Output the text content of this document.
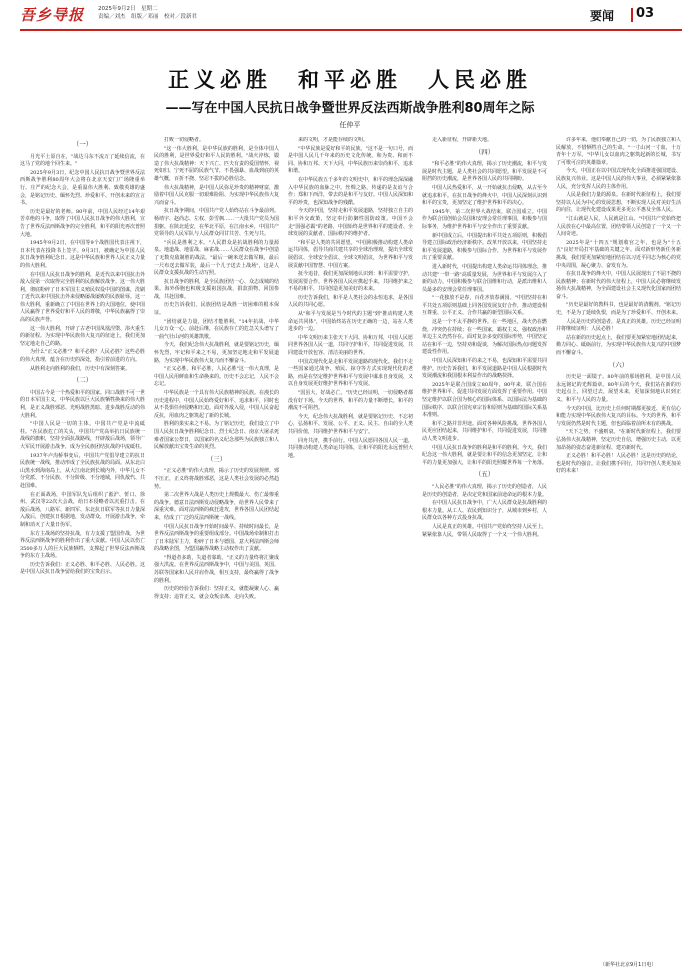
吾乡导报	2025年9月2日　星期二
责编／刘杰　组版／邓丽　校对／段新君	要闻 03
正义必胜　和平必胜　人民必胜
——写在中国人民抗日战争暨世界反法西斯战争胜利80周年之际
任仲平
（一）

月光平土原自在，"战达马东不流万了延续信流，在这马了党的地个回生来。"

2025年9月3日，纪念中国人民抗日战争暨世界反法西斯战争胜利80周年大会将在北京天安门广场隆重举行。庄严的纪念大会，是重温伟大胜利、致敬英雄的盛会，是铭记历史、缅怀先烈、珍爱和平、开创未来的宣言书。

历史是最好的老师。80年前，中国人民经过14年艰苦卓绝的斗争，取得了中国人民抗日战争的伟大胜利，宣告了世界反法西斯战争的完全胜利，和平的阳光再次普照大地。

1945年9月2日，在中国等9个战胜国代表注视下，日本代表在投降书上签字。9月3日，被确定为中国人民抗日战争胜利纪念日。这是中华民族和世界人民正义力量的伟大胜利。

在中国人民抗日战争的胜利，是近代以来中国抗击外敌入侵第一次取得完全胜利的民族解放战争。这一伟大胜利，彻底粉碎了日本军国主义殖民奴役中国的图谋，洗刷了近代以来中国抗击外来侵略屡战屡败的民族耻辱。这一伟大胜利，重新确立了中国在世界上的大国地位，使中国人民赢得了世界爱好和平人民的尊敬，中华民族赢得了崇高的民族声誉。

这一伟大胜利，开辟了古老中国凤凰涅槃、浴火重生的新征程。为实现中华民族伟大复兴的征途上，我们更加坚定地走自己的路。

为什么"正义必胜"？和平必胜？人民必胜？这些必胜的伟大真理，蕴含在历史的深处，指引着前进的方向。

从胜利走向胜利的我们，历史中有深刻答案。

（二）

中国古今是一个热爱和平的国家。同口战胜不可一世的日本军国主义，中华民族以巨大民族牺牲换来的伟大胜利，是正义战胜邪恶、光明战胜黑暗、进步战胜反动的伟大胜利。

"中国人民是一切的主体，中国共产党是中流砥柱。"在民族危亡的关头，中国共产党高举抗日民族统一战线的旗帜，坚持全面抗战路线，开辟敌后战场，领导广大军民开展游击战争，成为全民族团结抗战的中流砥柱。

1937年卢沟桥事变后，中国共产党倡导建立的抗日民族统一战线，推动形成了全民族抗战的局面。从东北白山黑水到海南岛上，从大江南北到长城内外，中华儿女不分党派、不分民族、不分阶级、不分地域，同仇敌忾、共赴国难。

在正面战场，中国军队先后组织了淞沪、忻口、徐州、武汉等22次大会战，给日本侵略者以沉重打击。在敌后战场，八路军、新四军、东北抗日联军等抗日力量深入敌后，创建抗日根据地，发动群众，开展游击战争，牵制和消灭了大量日伪军。

东方主战场的坚持抗战，有力支援了盟国作战，为世界反法西斯战争的胜利作出了重大贡献。中国人民以伤亡3500多万人的巨大民族牺牲，支撑起了世界反法西斯战争的东方主战场。

历史告诉我们：正义必胜、和平必胜、人民必胜。这是中国人民抗日战争留给我们的宝贵启示。

打败一切侵略者。

"这一伟大胜利，是中华民族的胜利，是全体中国人民的胜利，是世界爱好和平人民的胜利。"战火淬炼，锻造了伟大抗战精神：天下兴亡、匹夫有责的爱国情怀，视死如归、宁死不屈的民族气节，不畏强暴、血战到底的英雄气概，百折不挠、坚忍不拔的必胜信念。

伟大抗战精神，是中国人民弥足珍贵的精神财富，激励着中国人民克服一切艰难险阻、为实现中华民族伟大复兴而奋斗。

抗日战争期间，中国共产党人始终站在斗争最前列。杨靖宇、赵尚志、左权、彭雪枫……一大批共产党员为国捐躯。在陕北延安，在华北平原，在江南水乡，中国共产党领导的人民军队与人民群众同甘共苦、生死与共。

"兵民是胜利之本。"人民群众是抗战胜利的力量源泉。地道战、地雷战、麻雀战……人民群众在战争中创造了无数克敌制胜的战法。"最后一碗米送去做军粮，最后一尺布送去做军装，最后一个儿子送去上战场"，这是人民群众支援抗战的生动写照。

抗日战争的胜利，是全民族团结一心、众志成城的结果。海外侨胞也积极支援祖国抗战，捐款捐物，回国参战，共赴国难。

历史告诉我们，民族团结是战胜一切困难的根本保证。

"团结就是力量，团结才能胜利。"14年抗战，中华儿女万众一心、前赴后继，在民族存亡的危急关头谱写了一曲气壮山河的英雄凯歌。

今天，我们纪念伟大抗战胜利，就是要铭记历史，缅怀先烈，牢记和平来之不易，更加坚定地走和平发展道路，为实现中华民族伟大复兴而不懈奋斗。

"正义必胜，和平必胜，人民必胜"这一伟大真理，是中国人民用鲜血和生命换来的。历史不会忘记，人民不会忘记。

中华民族是一个具有伟大民族精神的民族。在漫长的历史进程中，中国人民始终爱好和平、追求和平，同时也从不畏惧任何侵略和压迫。面对外敌入侵，中国人民奋起反抗，用血肉之躯筑起了新的长城。

胜利的果实来之不易。为了铭记历史，我们设立了中国人民抗日战争胜利纪念日、烈士纪念日、南京大屠杀死难者国家公祭日，以国家的名义纪念那些为民族独立和人民解放献出宝贵生命的英烈。

（三）

"正义必胜"的伟大真理，揭示了历史的发展规律。邪不压正，正义终将战胜邪恶，这是人类社会发展的必然趋势。

第二次世界大战是人类历史上规模最大、伤亡最惨重的战争。德意日法西斯发动侵略战争，给世界人民带来了深重灾难。面对法西斯的疯狂进攻，世界各国人民团结起来，结成了广泛的反法西斯统一战线。

中国人民抗日战争开始时间最早、持续时间最长，是世界反法西斯战争的重要组成部分。中国战场牵制和打击了日本陆军主力，粉碎了日本与德国、意大利法西斯会师的战略企图，为盟国赢得战略主动权作出了贡献。

"得道者多助，失道者寡助。"正义的力量终将汇聚成强大洪流。在世界反法西斯战争中，中国与美国、英国、苏联等国家和人民并肩作战，相互支持，最终赢得了战争的胜利。

历史的经验告诉我们：坚持正义，就能凝聚人心、赢得支持；违背正义，就会众叛亲离、走向失败。

来的文明，才是能存续的文明。

"中华民族是爱好和平的民族。"这不是一句口号，而是中国人民几千年来的历史文化传统。和为贵、和而不同、协和万邦、天下大同，中华民族历来崇尚和平，追求和谐。

在中华民族五千多年的文明史中，和平的理念深深融入中华民族的血脉之中。丝绸之路，传递的是友谊与合作；郑和下西洋，带去的是和平与友好。中国人民深知和平的珍贵，也深知战争的残酷。

今天的中国，坚持走和平发展道路，坚持独立自主的和平外交政策，坚定奉行防御性国防政策。中国不会走"国强必霸"的老路，中国始终是世界和平的建设者、全球发展的贡献者、国际秩序的维护者。

"和平是人类的共同愿望。"中国积极推动构建人类命运共同体，倡导共商共建共享的全球治理观，提出全球发展倡议、全球安全倡议、全球文明倡议，为世界和平与发展贡献中国智慧、中国方案。

抚今追昔，我们更加深刻地认识到：和平需要守护，发展需要合作。世界各国人民应携起手来，共同维护来之不易的和平，共同创造更加美好的未来。

历史告诉我们，和平是人类社会的永恒追求，是各国人民的共同心愿。

从"和平与发展是当今时代的主题"到"推动构建人类命运共同体"，中国始终站在历史正确的一边，站在人类进步的一边。

中华文明历来主张天下大同、协和万邦，中国人民愿同世界各国人民一道，共同守护和平，共同促进发展，共同建设开放包容、清洁美丽的世界。

中国式现代化是走和平发展道路的现代化。我们不走一些国家通过战争、殖民、掠夺等方式实现现代化的老路，而是在坚定维护世界和平与发展中谋求自身发展，又以自身发展更好维护世界和平与发展。

"国虽大，好战必亡。"历史已经证明，一切侵略者都没有好下场。今天的世界，和平的力量不断增长，和平的潮流不可阻挡。

今天，纪念伟大抗战胜利，就是要铭记历史、不忘初心，弘扬和平、发展、公平、正义、民主、自由的全人类共同价值，共同维护世界和平与安宁。

同舟共济，携手前行。中国人民愿同各国人民一道，共同推动构建人类命运共同体，让和平的阳光永远普照大地。

走入新征程，开辟新天地。

（四）

"和平必胜"的伟大真理，揭示了历史潮流，和平与发展是时代主题，是人类社会的共同愿望。和平发展是不可阻挡的历史潮流，是世界各国人民的共同期盼。

中国人民热爱和平，从一开始就抗击侵略，从古至今就追求和平。在抗日战争的烽火中，中国人民深刻认识到和平的宝贵，更加坚定了维护世界和平的决心。

1945年，第二次世界大战结束，联合国成立。中国作为联合国创始会员国和安理会常任理事国，积极参与国际事务，为维护世界和平与安全作出了重要贡献。

新中国成立后，中国提出和平共处五项原则，积极倡导建立国际政治经济新秩序。改革开放以来，中国坚持走和平发展道路，积极参与国际合作，为世界和平与发展作出了重要贡献。

进入新时代，中国提出构建人类命运共同体理念，推动共建"一带一路"高质量发展，为世界和平与发展注入了新的动力。中国积极参与联合国维和行动，是派出维和人员最多的安理会常任理事国。

"一花独放不是春，百花齐放春满园。"中国坚持在和平共处五项原则基础上同各国发展友好合作，推动建设相互尊重、公平正义、合作共赢的新型国际关系。

这是一个不太平静的世界。在一些地区，战火仍在燃烧，冲突仍在持续；在一些国家，霸权主义、强权政治和单边主义仍然存在。面对复杂多变的国际形势，中国坚定站在和平一边，坚持劝和促谈，为解决国际热点问题发挥建设性作用。

中国人民深知和平的来之不易，也深知和平需要共同维护。历史告诉我们，和平发展道路是中国人民根据时代发展潮流和我国根本利益作出的战略抉择。

2025年是联合国成立80周年。80年来，联合国在维护世界和平、促进共同发展方面发挥了重要作用。中国坚定维护以联合国为核心的国际体系、以国际法为基础的国际秩序、以联合国宪章宗旨和原则为基础的国际关系基本准则。

和平之路并非坦途。面对各种风险挑战，世界各国人民更应团结起来，共同维护和平，共同促进发展，共同推动人类文明进步。

中国人民抗日战争的胜利是和平的胜利。今天，我们纪念这一伟大胜利，就是要让和平的信念更加坚定，让和平的力量更加强大，让和平的阳光照耀世界每一个角落。

（五）

"人民必胜"的伟大真理，揭示了历史的创造者，人民是历史的创造者，是决定党和国家前途命运的根本力量。

在中国人民抗日战争中，广大人民群众是抗战胜利的根本力量。从工人、农民到知识分子，从城市到乡村，人民群众以各种方式投身抗战。

人民是真正的英雄。中国共产党始终坚持人民至上，紧紧依靠人民，带领人民取得了一个又一个伟大胜利。

许多年来，他们奉献自己的一切，为了民族独立和人民解放，不惜牺牲自己的生命。"一寸山河一寸血，十万青年十万军。"中华儿女以血肉之躯筑起新的长城，书写了可歌可泣的英雄篇章。

今天，中国正在以中国式现代化全面推进强国建设、民族复兴伟业。这是中国人民的伟大事业，必须紧紧依靠人民，充分发挥人民的主体作用。

人民是我们力量的源泉。在新时代新征程上，我们要坚持以人民为中心的发展思想，不断实现人民对美好生活的向往，让现代化建设成果更多更公平惠及全体人民。

"江山就是人民，人民就是江山。"中国共产党始终把人民放在心中最高位置，团结带领人民创造了一个又一个人间奇迹。

2025年是"十四五"规划收官之年，也是为"十五五"良好开局打牢基础的关键之年。面对新形势新任务新挑战，我们要更加紧密地团结在以习近平同志为核心的党中央周围，凝心聚力、奋发有为。

在抗日战争的烽火中，中国人民展现出了不屈不挠的民族精神；在新时代的伟大征程上，中国人民必将继续发扬伟大抗战精神，为全面建设社会主义现代化国家而团结奋斗。

"历史是最好的教科书，也是最好的清醒剂。"铭记历史，不是为了延续仇恨，而是为了珍爱和平、开创未来。

人民是历史的创造者，是真正的英雄。历史已经证明并将继续证明：人民必胜！

站在新的历史起点上，我们要更加紧密地团结起来，勠力同心、砥砺前行，为实现中华民族伟大复兴的中国梦而不懈奋斗。

（六）

历史是一面镜子。80年前的那场胜利，是中国人民永远铭记的光辉篇章。80年后的今天，我们站在新的历史起点上，回望过去，展望未来，更加深刻地认识到正义、和平与人民的力量。

今天的中国，比历史上任何时期都更接近、更有信心和能力实现中华民族伟大复兴的目标。今天的世界，和平与发展仍然是时代主题，但也面临着前所未有的挑战。

"天下之势，不盛则衰。"在新时代新征程上，我们要弘扬伟大抗战精神，坚定历史自信，增强历史主动，以更加昂扬的姿态奋进新征程、建功新时代。

正义必胜！和平必胜！人民必胜！这是历史的结论，也是时代的强音。让我们携手同行，共同开创人类更加美好的未来！

（新华社北京9月1日电）
